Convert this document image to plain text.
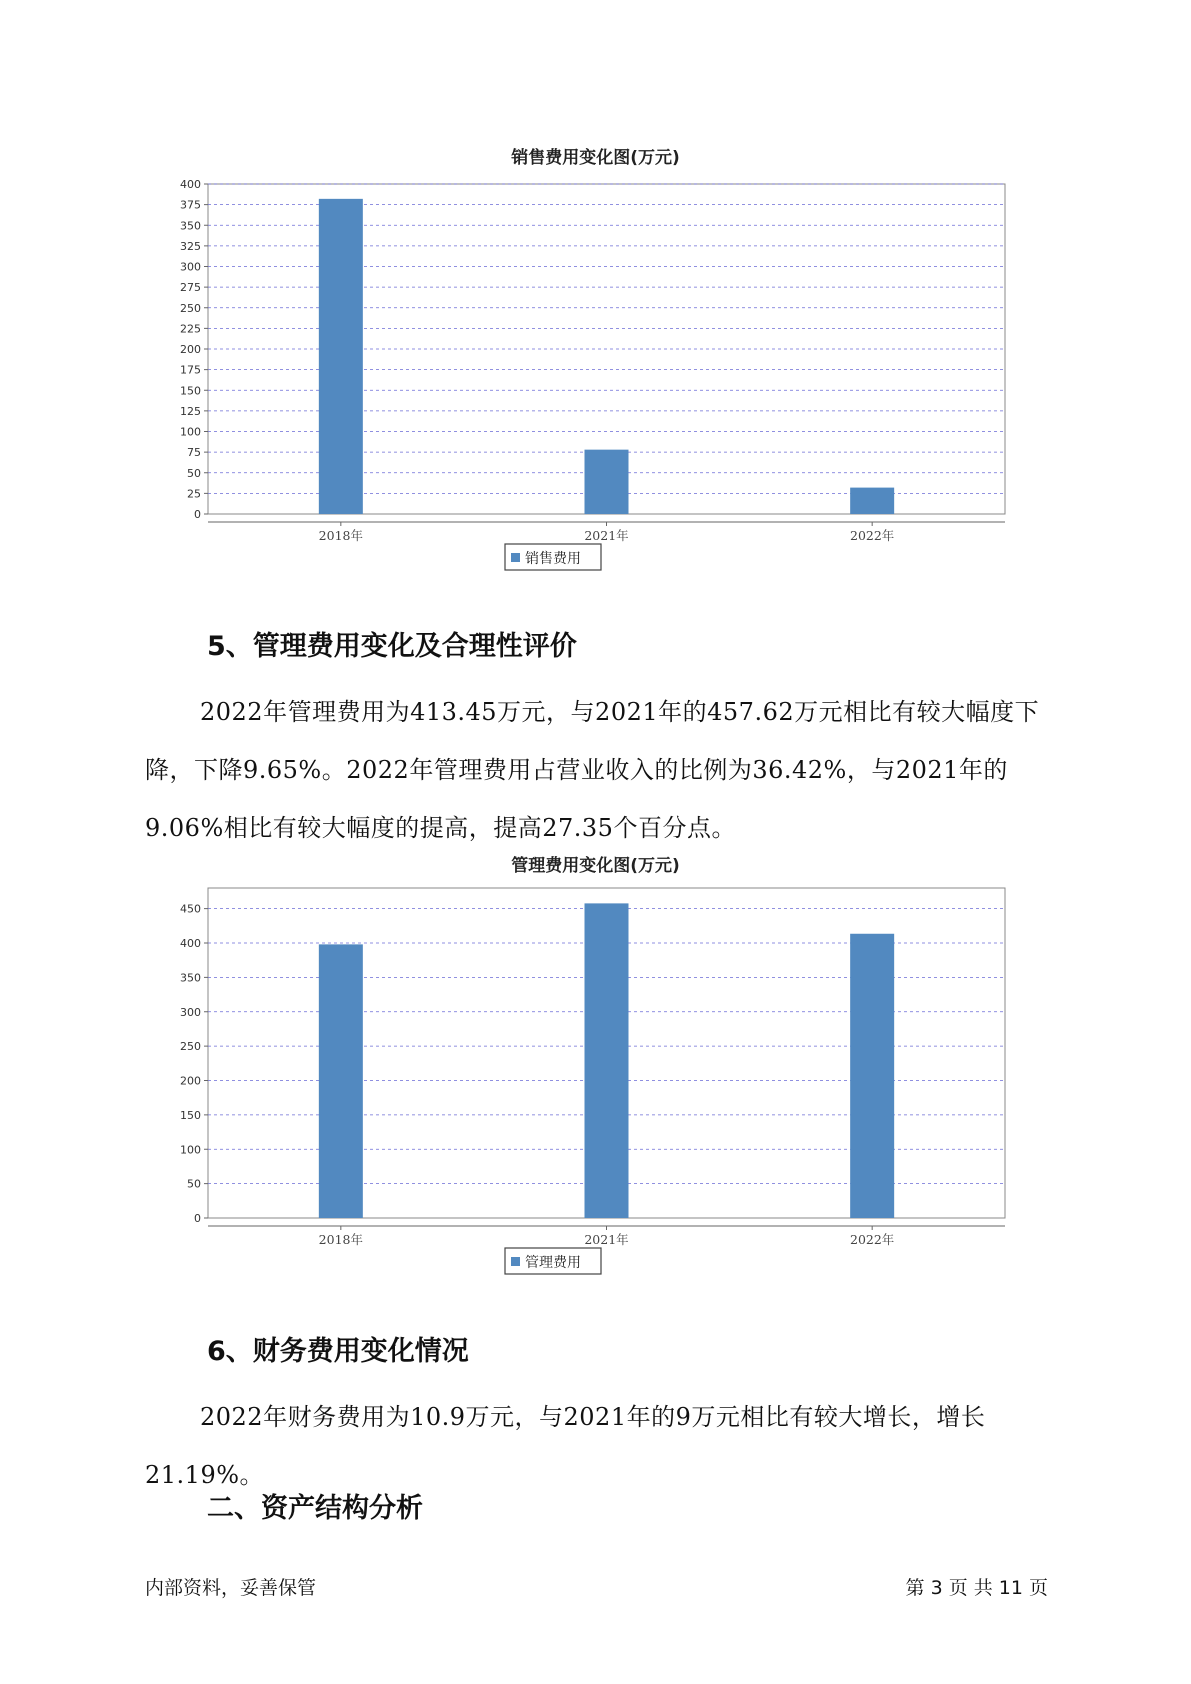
销售费用变化图(万元)
0
25
50
75
100
125
150
175
200
225
250
275
300
325
350
375
400
2018年	2021年	2022年
销售费用
5、管理费用变化及合理性评价

2022年管理费用为413.45万元，与2021年的457.62万元相比有较大幅度下降，下降9.65%。2022年管理费用占营业收入的比例为36.42%，与2021年的9.06%相比有较大幅度的提高，提高27.35个百分点。

管理费用变化图(万元)
0
50
100
150
200
250
300
350
400
450
2018年	2021年	2022年
管理费用
6、财务费用变化情况

2022年财务费用为10.9万元，与2021年的9万元相比有较大增长，增长21.19%。

二、资产结构分析
内部资料，妥善保管	第 3 页 共 11 页
